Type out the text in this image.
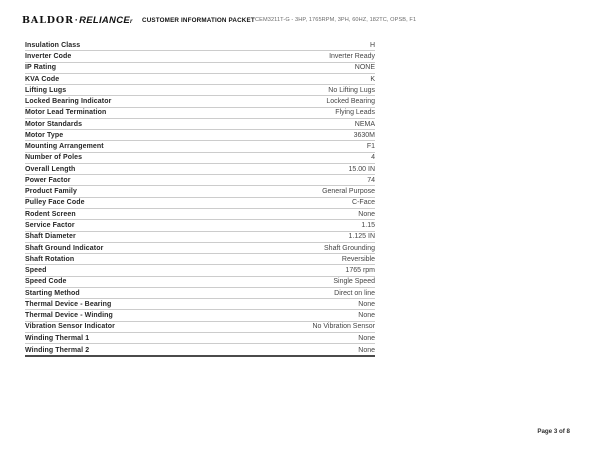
BALDOR·RELIANCEr CUSTOMER INFORMATION PACKET CEM3211T-G - 3HP, 1765RPM, 3PH, 60HZ, 182TC, OPSB, F1
Insulation Class	H
Inverter Code	Inverter Ready
IP Rating	NONE
KVA Code	K
Lifting Lugs	No Lifting Lugs
Locked Bearing Indicator	Locked Bearing
Motor Lead Termination	Flying Leads
Motor Standards	NEMA
Motor Type	3630M
Mounting Arrangement	F1
Number of Poles	4
Overall Length	15.00 IN
Power Factor	74
Product Family	General Purpose
Pulley Face Code	C-Face
Rodent Screen	None
Service Factor	1.15
Shaft Diameter	1.125 IN
Shaft Ground Indicator	Shaft Grounding
Shaft Rotation	Reversible
Speed	1765 rpm
Speed Code	Single Speed
Starting Method	Direct on line
Thermal Device - Bearing	None
Thermal Device - Winding	None
Vibration Sensor Indicator	No Vibration Sensor
Winding Thermal 1	None
Winding Thermal 2	None
Page 3 of 8
